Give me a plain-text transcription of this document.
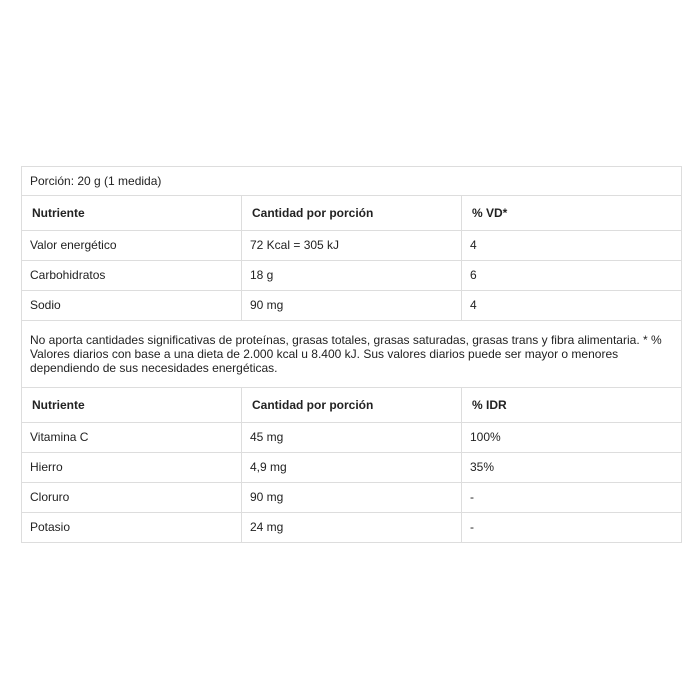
Porción: 20 g (1 medida)		
Nutriente	Cantidad por porción	% VD*
Valor energético	72 Kcal = 305 kJ	4
Carbohidratos	18 g	6
Sodio	90 mg	4
No aporta cantidades significativas de proteínas, grasas totales, grasas saturadas, grasas trans y fibra alimentaria. * % Valores diarios con base a una dieta de 2.000 kcal u 8.400 kJ. Sus valores diarios puede ser mayor o menores dependiendo de sus necesidades energéticas.		
Nutriente	Cantidad por porción	% IDR
Vitamina C	45 mg	100%
Hierro	4,9 mg	35%
Cloruro	90 mg	-
Potasio	24 mg	-
